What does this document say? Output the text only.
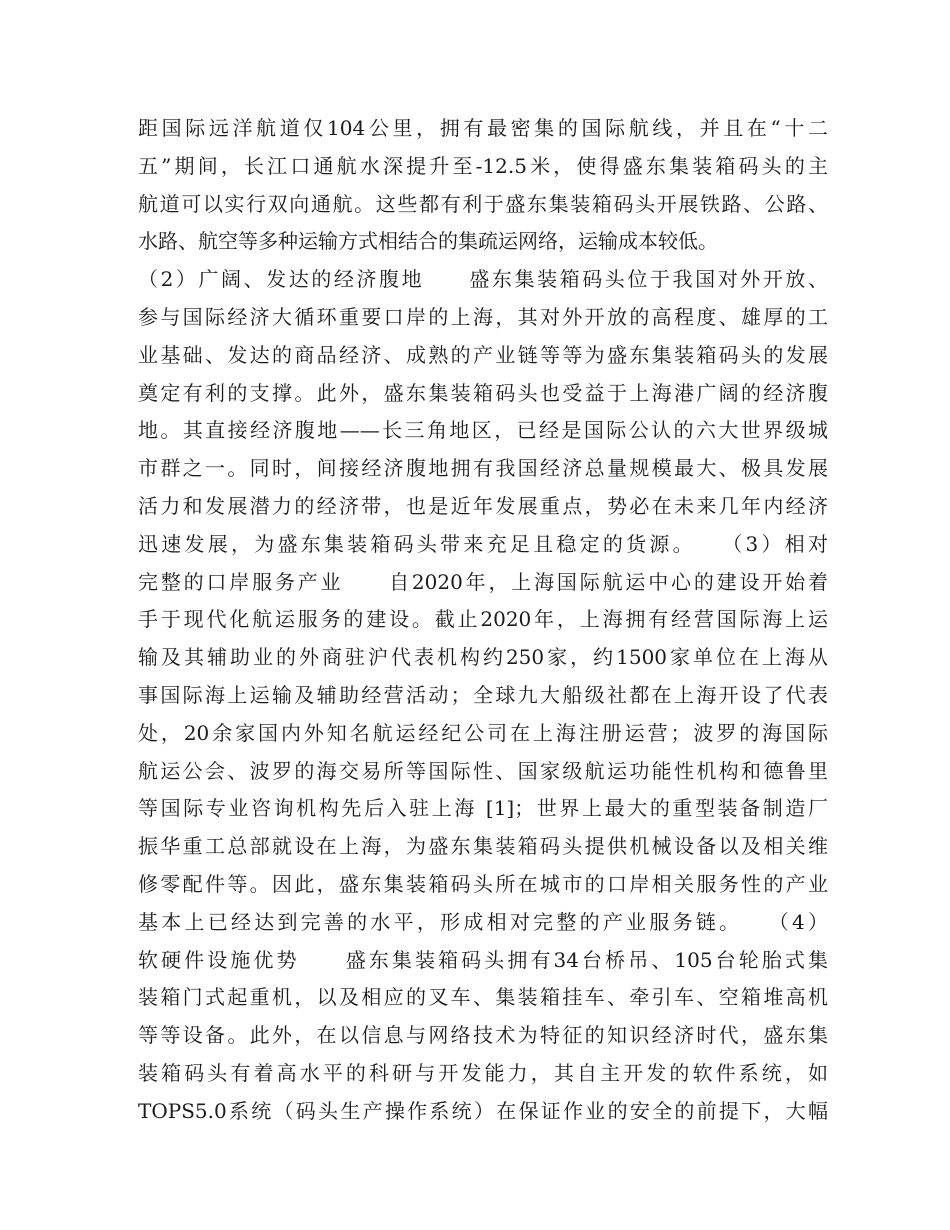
距国际远洋航道仅104公里，拥有最密集的国际航线，并且在“十二
五”期间，长江口通航水深提升至-12.5米，使得盛东集装箱码头的主
航道可以实行双向通航。这些都有利于盛东集装箱码头开展铁路、公路、
水路、航空等多种运输方式相结合的集疏运网络，运输成本较低。
（2）广阔、发达的经济腹地　　盛东集装箱码头位于我国对外开放、
参与国际经济大循环重要口岸的上海，其对外开放的高程度、雄厚的工
业基础、发达的商品经济、成熟的产业链等等为盛东集装箱码头的发展
奠定有利的支撑。此外，盛东集装箱码头也受益于上海港广阔的经济腹
地。其直接经济腹地——长三角地区，已经是国际公认的六大世界级城
市群之一。同时，间接经济腹地拥有我国经济总量规模最大、极具发展
活力和发展潜力的经济带，也是近年发展重点，势必在未来几年内经济
迅速发展，为盛东集装箱码头带来充足且稳定的货源。　　（3）相对
完整的口岸服务产业　　自2020年，上海国际航运中心的建设开始着
手于现代化航运服务的建设。截止2020年，上海拥有经营国际海上运
输及其辅助业的外商驻沪代表机构约250家，约1500家单位在上海从
事国际海上运输及辅助经营活动；全球九大船级社都在上海开设了代表
处，20余家国内外知名航运经纪公司在上海注册运营；波罗的海国际
航运公会、波罗的海交易所等国际性、国家级航运功能性机构和德鲁里
等国际专业咨询机构先后入驻上海 [1]；世界上最大的重型装备制造厂
振华重工总部就设在上海，为盛东集装箱码头提供机械设备以及相关维
修零配件等。因此，盛东集装箱码头所在城市的口岸相关服务性的产业
基本上已经达到完善的水平，形成相对完整的产业服务链。　　（4）
软硬件设施优势　　盛东集装箱码头拥有34台桥吊、105台轮胎式集
装箱门式起重机，以及相应的叉车、集装箱挂车、牵引车、空箱堆高机
等等设备。此外，在以信息与网络技术为特征的知识经济时代，盛东集
装箱码头有着高水平的科研与开发能力，其自主开发的软件系统，如
TOPS5.0系统（码头生产操作系统）在保证作业的安全的前提下，大幅
